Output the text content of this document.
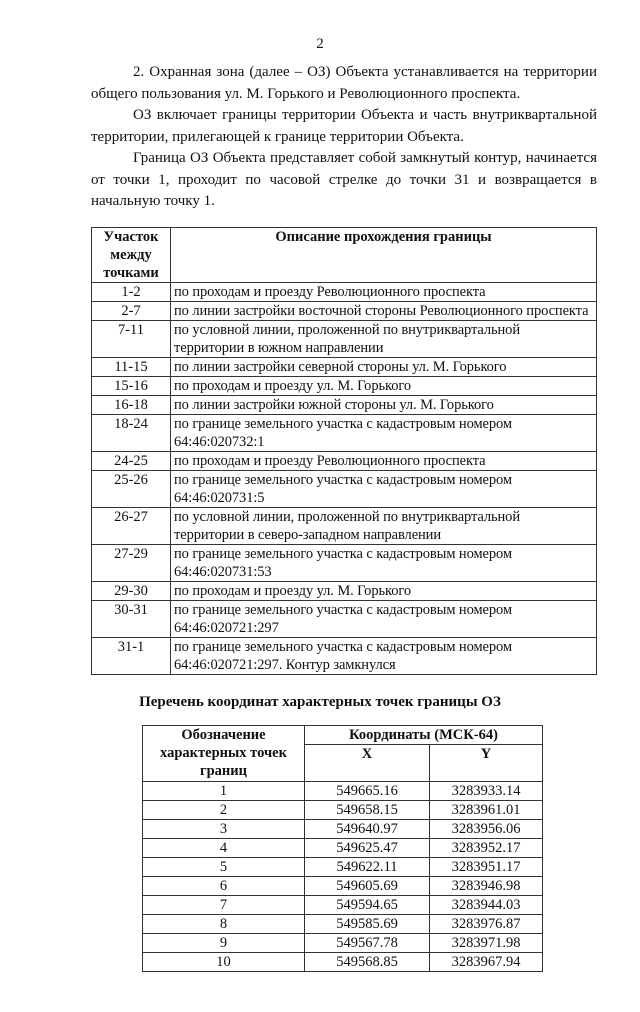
2

2. Охранная зона (далее – ОЗ) Объекта устанавливается на территории общего пользования ул. М. Горького и Революционного проспекта.

ОЗ включает границы территории Объекта и часть внутриквартальной территории, прилегающей к границе территории Объекта.

Граница ОЗ Объекта представляет собой замкнутый контур, начинается от точки 1, проходит по часовой стрелке до точки 31 и возвращается в начальную точку 1.

Участок между точками	Описание прохождения границы
1-2	по проходам и проезду Революционного проспекта
2-7	по линии застройки восточной стороны Революционного проспекта
7-11	по условной линии, проложенной по внутриквартальной территории в южном направлении
11-15	по линии застройки северной стороны ул. М. Горького
15-16	по проходам и проезду ул. М. Горького
16-18	по линии застройки южной стороны ул. М. Горького
18-24	по границе земельного участка с кадастровым номером 64:46:020732:1
24-25	по проходам и проезду Революционного проспекта
25-26	по границе земельного участка с кадастровым номером 64:46:020731:5
26-27	по условной линии, проложенной по внутриквартальной территории в северо-западном направлении
27-29	по границе земельного участка с кадастровым номером 64:46:020731:53
29-30	по проходам и проезду ул. М. Горького
30-31	по границе земельного участка с кадастровым номером 64:46:020721:297
31-1	по границе земельного участка с кадастровым номером 64:46:020721:297. Контур замкнулся
Перечень координат характерных точек границы ОЗ
Обозначение характерных точек границ	Координаты (МСК-64)	
	X	Y
1	549665.16	3283933.14
2	549658.15	3283961.01
3	549640.97	3283956.06
4	549625.47	3283952.17
5	549622.11	3283951.17
6	549605.69	3283946.98
7	549594.65	3283944.03
8	549585.69	3283976.87
9	549567.78	3283971.98
10	549568.85	3283967.94
